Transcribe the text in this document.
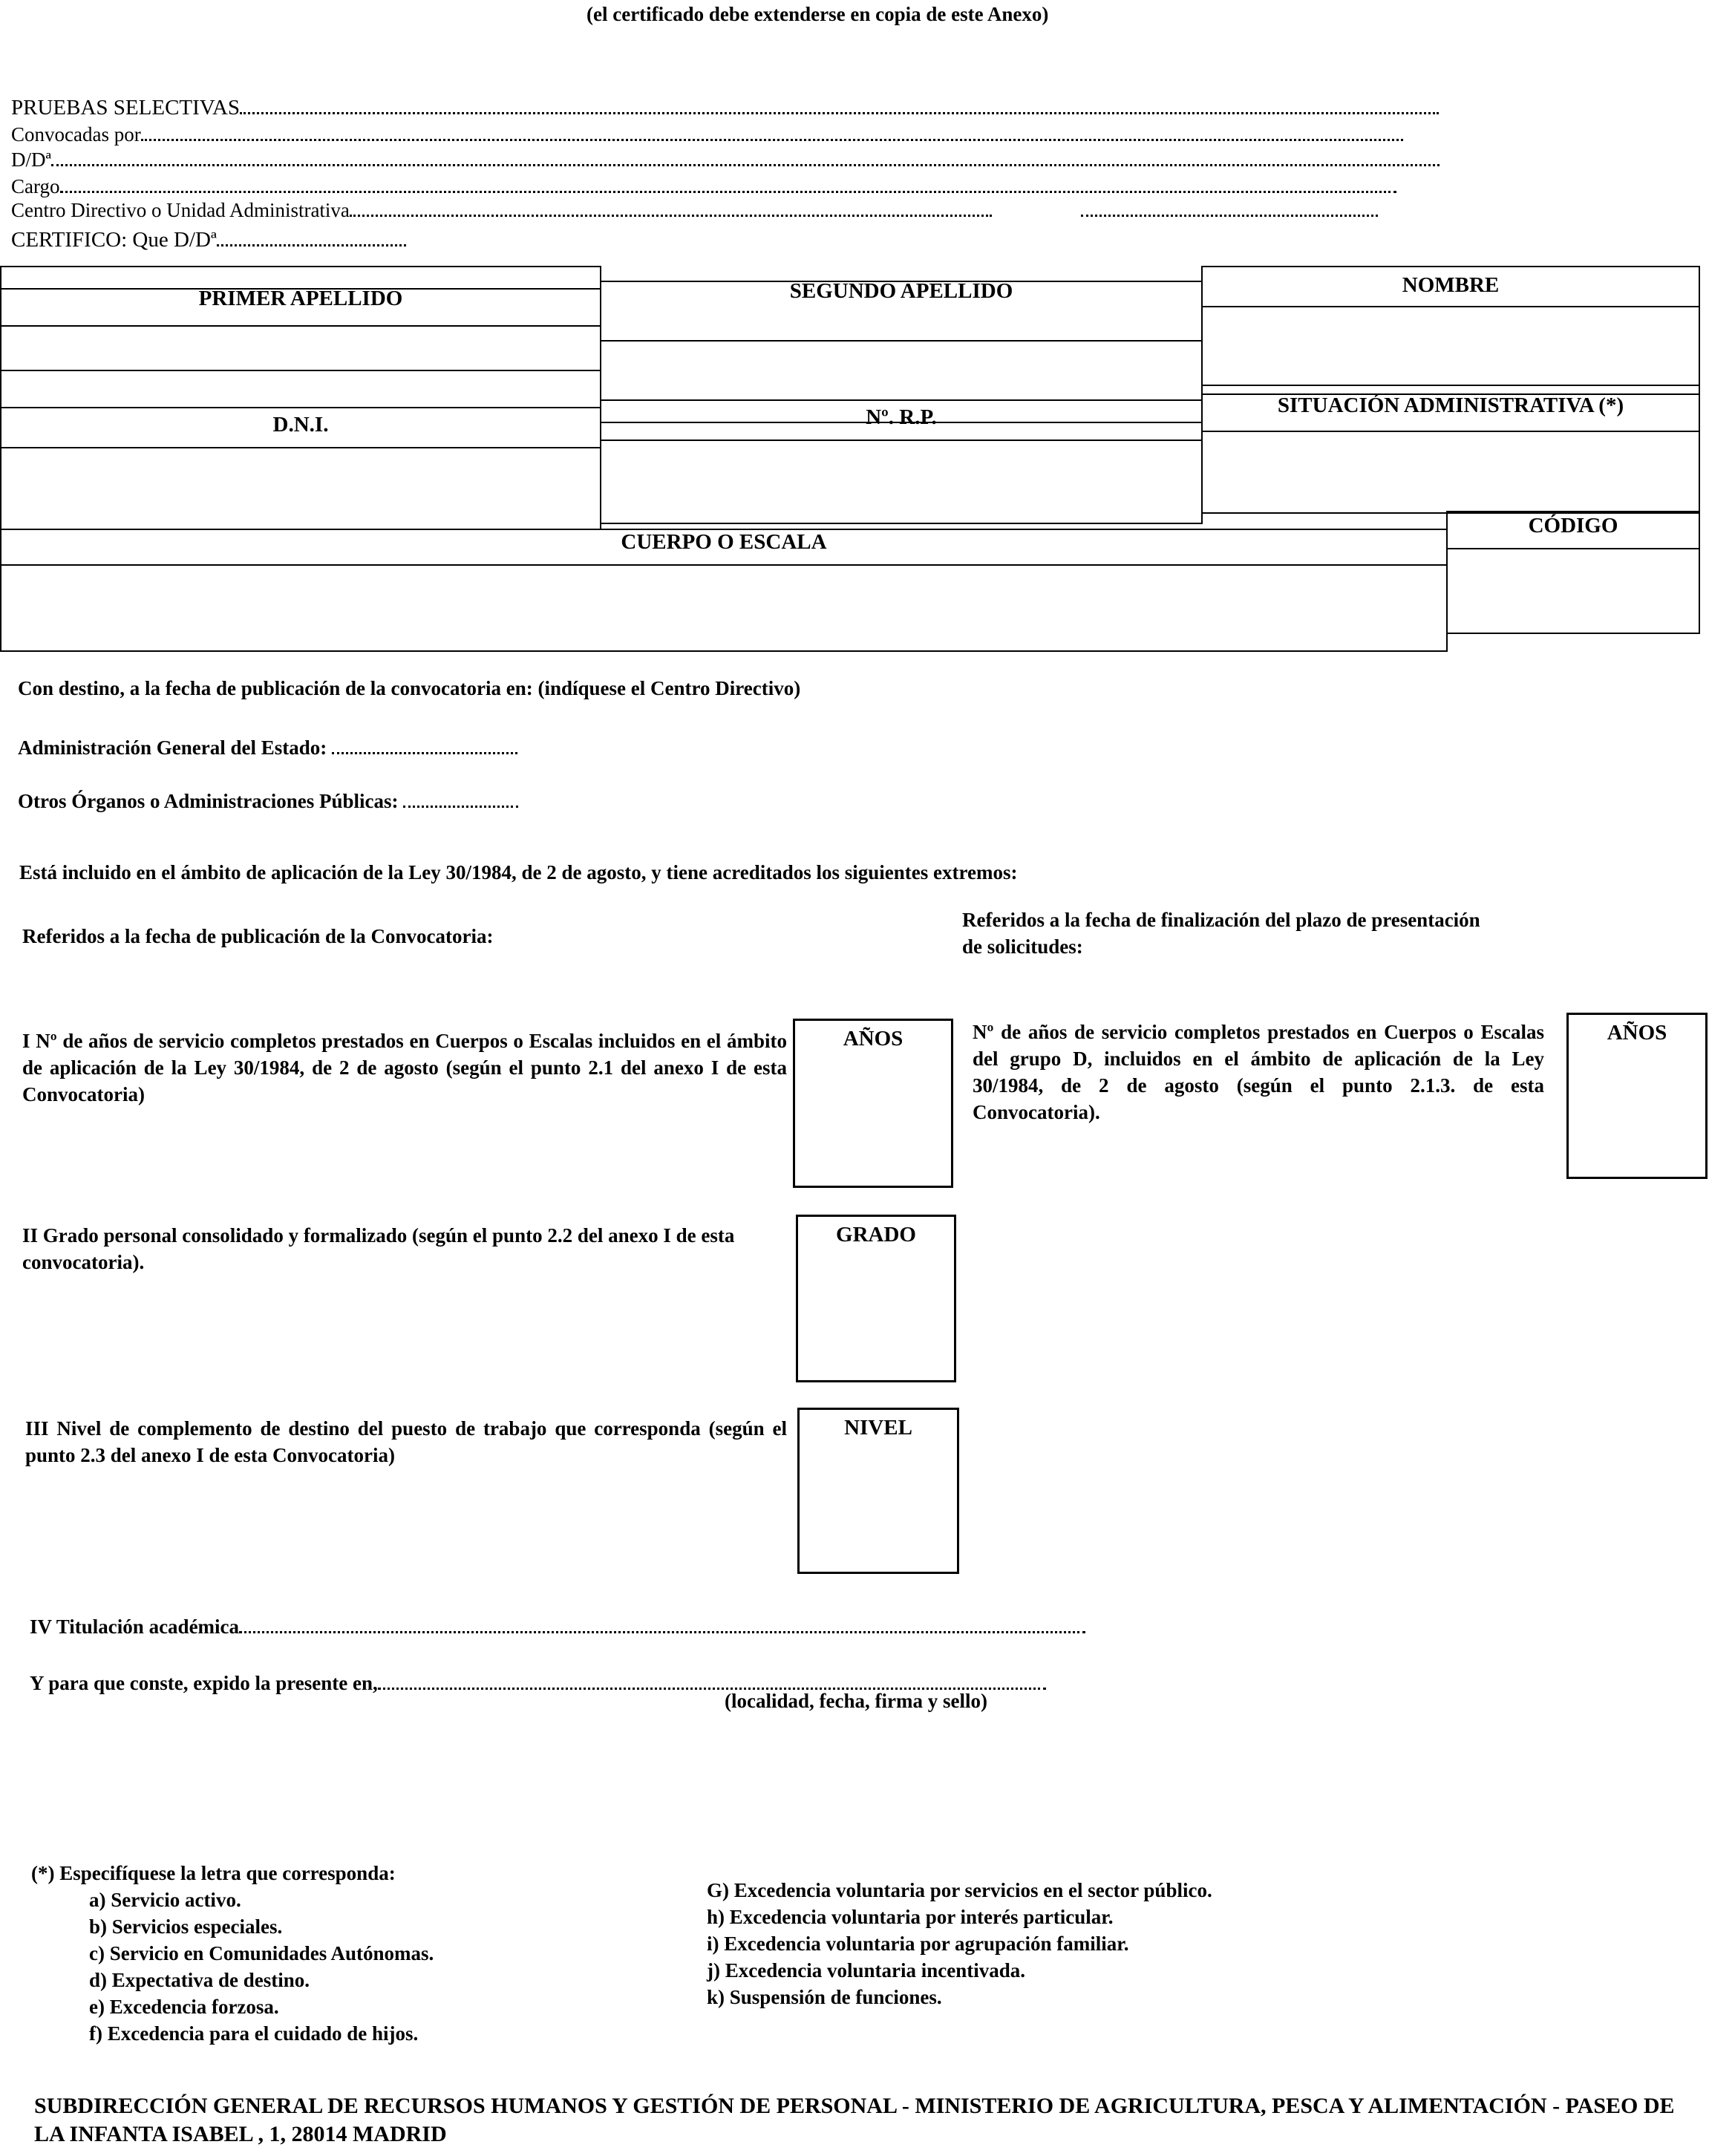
(el certificado debe extenderse en copia de este Anexo)
PRUEBAS SELECTIVAS
Convocadas por
D/Dª
Cargo
Centro Directivo o Unidad Administrativa
CERTIFICO: Que D/Dª
PRIMER APELLIDO	SEGUNDO APELLIDO	NOMBRE
D.N.I.	Nº. R.P.	SITUACIÓN ADMINISTRATIVA (*)
CUERPO O ESCALA
CÓDIGO
Con destino, a la fecha de publicación de la convocatoria en: (indíquese el Centro Directivo)
Administración General del Estado:
Otros Órganos o Administraciones Públicas:
Está incluido en el ámbito de aplicación de la Ley 30/1984, de 2 de agosto, y tiene acreditados los siguientes extremos:
Referidos a la fecha de publicación de la Convocatoria:
Referidos a la fecha de finalización del plazo de presentación
de solicitudes:
I Nº de años de servicio completos prestados en Cuerpos o Escalas incluidos en el ámbito de aplicación de la Ley 30/1984, de 2 de agosto (según el punto 2.1 del anexo I de esta Convocatoria)
AÑOS	Nº de años de servicio completos prestados en Cuerpos o Escalas del grupo D, incluidos en el ámbito de aplicación de la Ley 30/1984, de 2 de agosto (según el punto 2.1.3. de esta Convocatoria).
AÑOS
II Grado personal consolidado y formalizado (según el punto 2.2 del anexo I de esta convocatoria).
GRADO
III Nivel de complemento de destino del puesto de trabajo que corresponda (según el punto 2.3 del anexo I de esta Convocatoria)
NIVEL
IV Titulación académica
Y para que conste, expido la presente en,
(localidad, fecha, firma y sello)
(*) Especifíquese la letra que corresponda:
a) Servicio activo.
b) Servicios especiales.
c) Servicio en Comunidades Autónomas.
d) Expectativa de destino.
e) Excedencia forzosa.
f) Excedencia para el cuidado de hijos.
G) Excedencia voluntaria por servicios en el sector público.
h) Excedencia voluntaria por interés particular.
i) Excedencia voluntaria por agrupación familiar.
j) Excedencia voluntaria incentivada.
k) Suspensión de funciones.
SUBDIRECCIÓN GENERAL DE RECURSOS HUMANOS Y GESTIÓN DE PERSONAL - MINISTERIO DE AGRICULTURA, PESCA Y ALIMENTACIÓN - PASEO DE
LA INFANTA ISABEL , 1, 28014 MADRID
